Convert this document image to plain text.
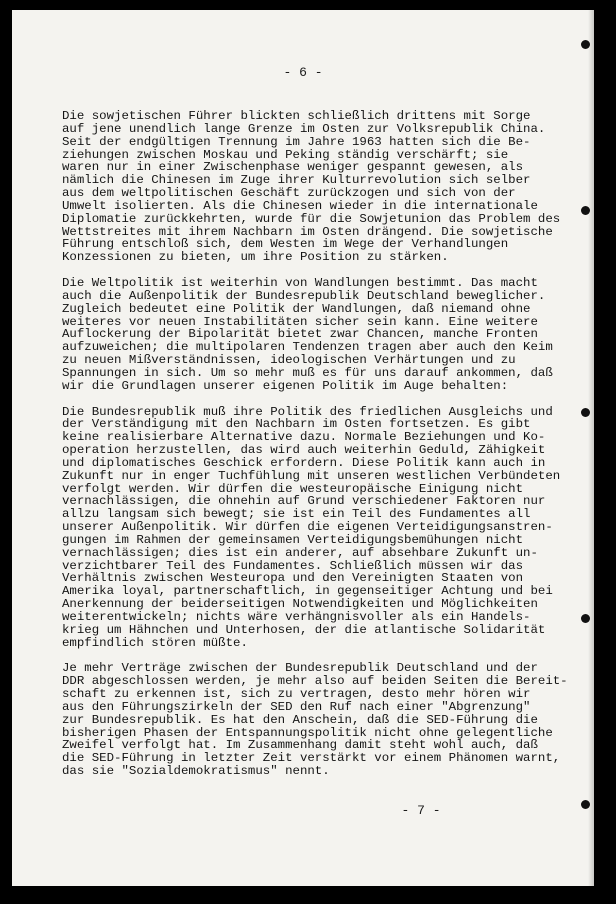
- 6 -

Die sowjetischen Führer blickten schließlich drittens mit Sorge
auf jene unendlich lange Grenze im Osten zur Volksrepublik China.
Seit der endgültigen Trennung im Jahre 1963 hatten sich die Be-
ziehungen zwischen Moskau und Peking ständig verschärft; sie
waren nur in einer Zwischenphase weniger gespannt gewesen, als
nämlich die Chinesen im Zuge ihrer Kulturrevolution sich selber
aus dem weltpolitischen Geschäft zurückzogen und sich von der
Umwelt isolierten. Als die Chinesen wieder in die internationale
Diplomatie zurückkehrten, wurde für die Sowjetunion das Problem des
Wettstreites mit ihrem Nachbarn im Osten drängend. Die sowjetische
Führung entschloß sich, dem Westen im Wege der Verhandlungen
Konzessionen zu bieten, um ihre Position zu stärken.

Die Weltpolitik ist weiterhin von Wandlungen bestimmt. Das macht
auch die Außenpolitik der Bundesrepublik Deutschland beweglicher.
Zugleich bedeutet eine Politik der Wandlungen, daß niemand ohne
weiteres vor neuen Instabilitäten sicher sein kann. Eine weitere
Auflockerung der Bipolarität bietet zwar Chancen, manche Fronten
aufzuweichen; die multipolaren Tendenzen tragen aber auch den Keim
zu neuen Mißverständnissen, ideologischen Verhärtungen und zu
Spannungen in sich. Um so mehr muß es für uns darauf ankommen, daß
wir die Grundlagen unserer eigenen Politik im Auge behalten:

Die Bundesrepublik muß ihre Politik des friedlichen Ausgleichs und
der Verständigung mit den Nachbarn im Osten fortsetzen. Es gibt
keine realisierbare Alternative dazu. Normale Beziehungen und Ko-
operation herzustellen, das wird auch weiterhin Geduld, Zähigkeit
und diplomatisches Geschick erfordern. Diese Politik kann auch in
Zukunft nur in enger Tuchfühlung mit unseren westlichen Verbündeten
verfolgt werden. Wir dürfen die westeuropäische Einigung nicht
vernachlässigen, die ohnehin auf Grund verschiedener Faktoren nur
allzu langsam sich bewegt; sie ist ein Teil des Fundamentes all
unserer Außenpolitik. Wir dürfen die eigenen Verteidigungsanstren-
gungen im Rahmen der gemeinsamen Verteidigungsbemühungen nicht
vernachlässigen; dies ist ein anderer, auf absehbare Zukunft un-
verzichtbarer Teil des Fundamentes. Schließlich müssen wir das
Verhältnis zwischen Westeuropa und den Vereinigten Staaten von
Amerika loyal, partnerschaftlich, in gegenseitiger Achtung und bei
Anerkennung der beiderseitigen Notwendigkeiten und Möglichkeiten
weiterentwickeln; nichts wäre verhängnisvoller als ein Handels-
krieg um Hähnchen und Unterhosen, der die atlantische Solidarität
empfindlich stören müßte.

Je mehr Verträge zwischen der Bundesrepublik Deutschland und der
DDR abgeschlossen werden, je mehr also auf beiden Seiten die Bereit-
schaft zu erkennen ist, sich zu vertragen, desto mehr hören wir
aus den Führungszirkeln der SED den Ruf nach einer "Abgrenzung"
zur Bundesrepublik. Es hat den Anschein, daß die SED-Führung die
bisherigen Phasen der Entspannungspolitik nicht ohne gelegentliche
Zweifel verfolgt hat. Im Zusammenhang damit steht wohl auch, daß
die SED-Führung in letzter Zeit verstärkt vor einem Phänomen warnt,
das sie "Sozialdemokratismus" nennt.

- 7 -
